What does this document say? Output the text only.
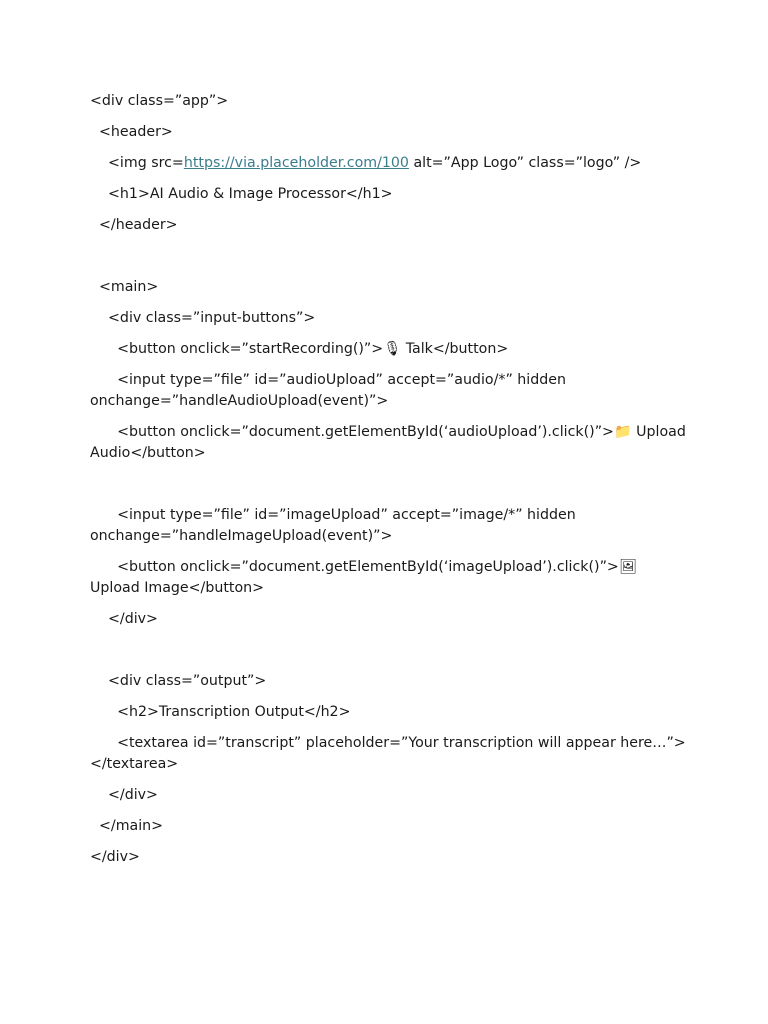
<div class=”app”>

<header>

<img src=https://via.placeholder.com/100 alt=”App Logo” class=”logo” />

<h1>AI Audio & Image Processor</h1>

</header>

<main>

<div class=”input-buttons”>

<button onclick=”startRecording()”>🎙 Talk</button>

<input type=”file” id=”audioUpload” accept=”audio/*” hidden onchange=”handleAudioUpload(event)”>

<button onclick=”document.getElementById(‘audioUpload’).click()”>📁 Upload Audio</button>

<input type=”file” id=”imageUpload” accept=”image/*” hidden onchange=”handleImageUpload(event)”>

<button onclick=”document.getElementById(‘imageUpload’).click()”>🖼 Upload Image</button>

</div>

<div class=”output”>

<h2>Transcription Output</h2>

<textarea id=”transcript” placeholder=”Your transcription will appear here…”></textarea>

</div>

</main>

</div>
